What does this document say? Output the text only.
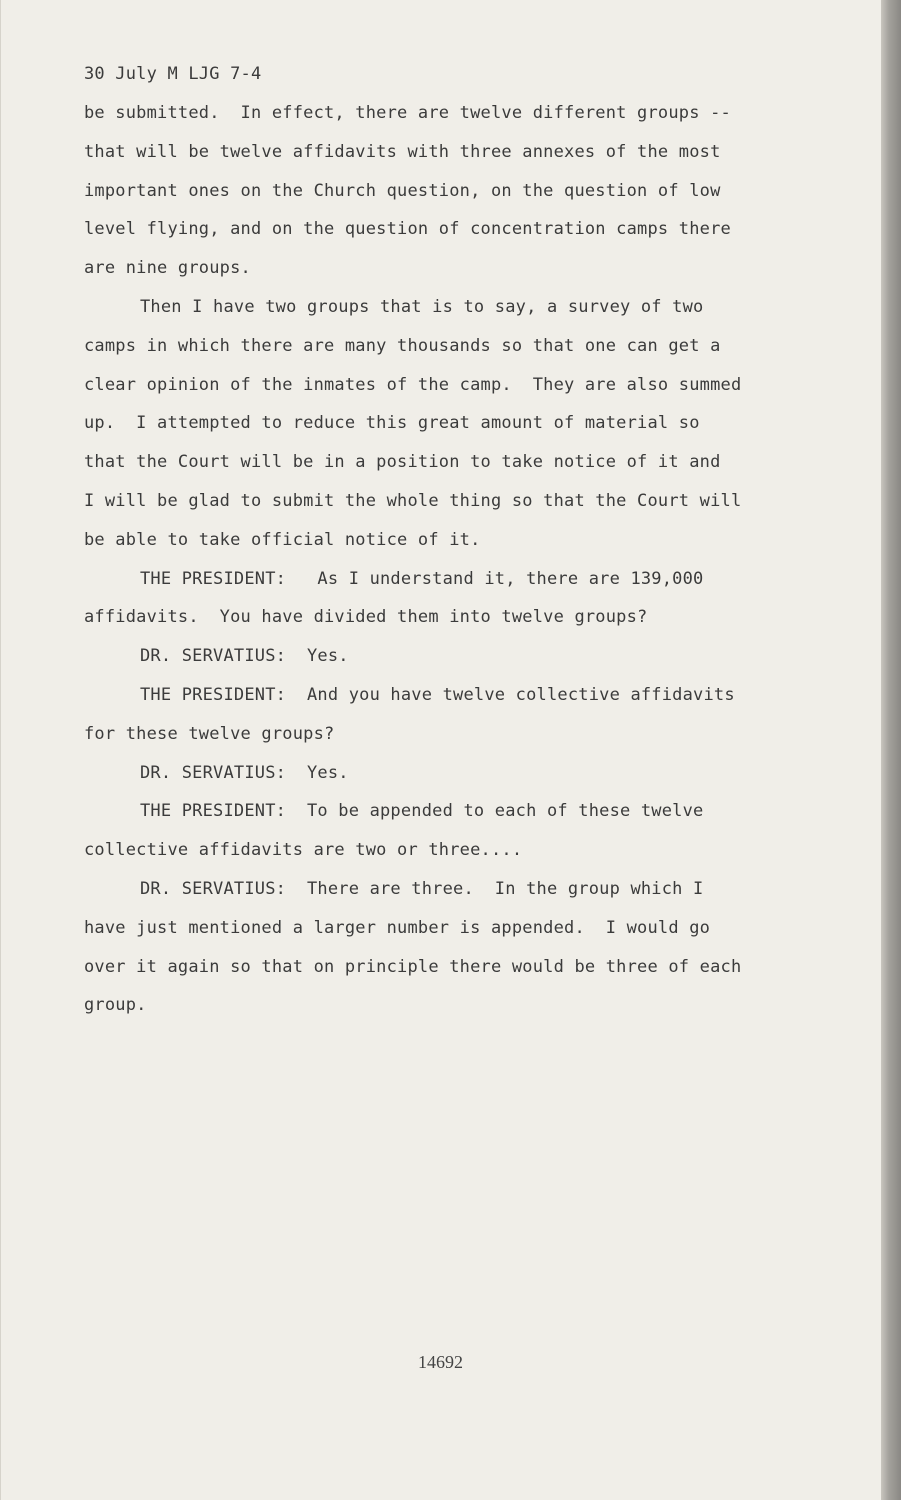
30 July M LJG 7-4
be submitted.  In effect, there are twelve different groups --
that will be twelve affidavits with three annexes of the most
important ones on the Church question, on the question of low
level flying, and on the question of concentration camps there
are nine groups.
Then I have two groups that is to say, a survey of two
camps in which there are many thousands so that one can get a
clear opinion of the inmates of the camp.  They are also summed
up.  I attempted to reduce this great amount of material so
that the Court will be in a position to take notice of it and
I will be glad to submit the whole thing so that the Court will
be able to take official notice of it.
THE PRESIDENT:   As I understand it, there are 139,000
affidavits.  You have divided them into twelve groups?
DR. SERVATIUS:  Yes.
THE PRESIDENT:  And you have twelve collective affidavits
for these twelve groups?
DR. SERVATIUS:  Yes.
THE PRESIDENT:  To be appended to each of these twelve
collective affidavits are two or three....
DR. SERVATIUS:  There are three.  In the group which I
have just mentioned a larger number is appended.  I would go
over it again so that on principle there would be three of each
group.
14692
